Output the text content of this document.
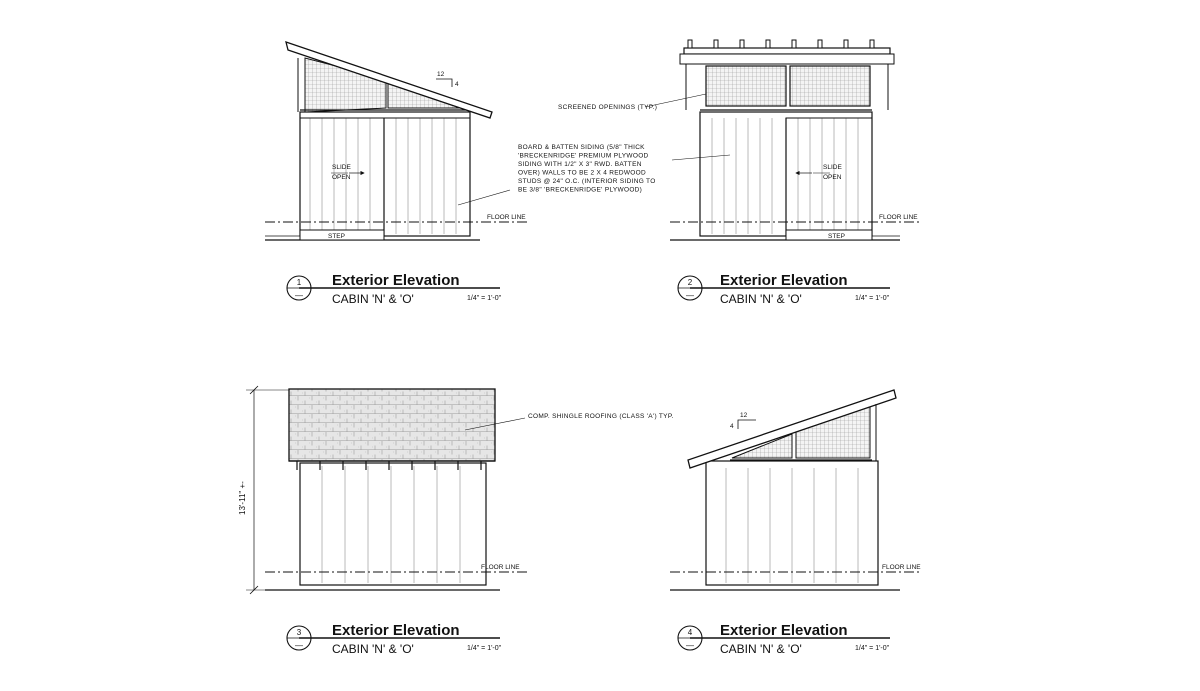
12
4
SLIDE
OPEN
FLOOR LINE
STEP
SLIDE
OPEN
FLOOR LINE
STEP
SCREENED OPENINGS (TYP.)
BOARD & BATTEN SIDING (5/8" THICK
'BRECKENRIDGE' PREMIUM PLYWOOD
SIDING WITH 1/2" X 3" RWD. BATTEN
OVER) WALLS TO BE 2 X 4 REDWOOD
STUDS @ 24" O.C. (INTERIOR SIDING TO
BE 3/8" 'BRECKENRIDGE' PLYWOOD)
COMP. SHINGLE ROOFING (CLASS 'A') TYP.
FLOOR LINE
13'-11" +-
12
4
FLOOR LINE
1
—
Exterior Elevation
CABIN 'N' & 'O'	1/4" = 1'-0"
2
—
Exterior Elevation
CABIN 'N' & 'O'	1/4" = 1'-0"
3
—
Exterior Elevation
CABIN 'N' & 'O'	1/4" = 1'-0"
4
—
Exterior Elevation
CABIN 'N' & 'O'	1/4" = 1'-0"
